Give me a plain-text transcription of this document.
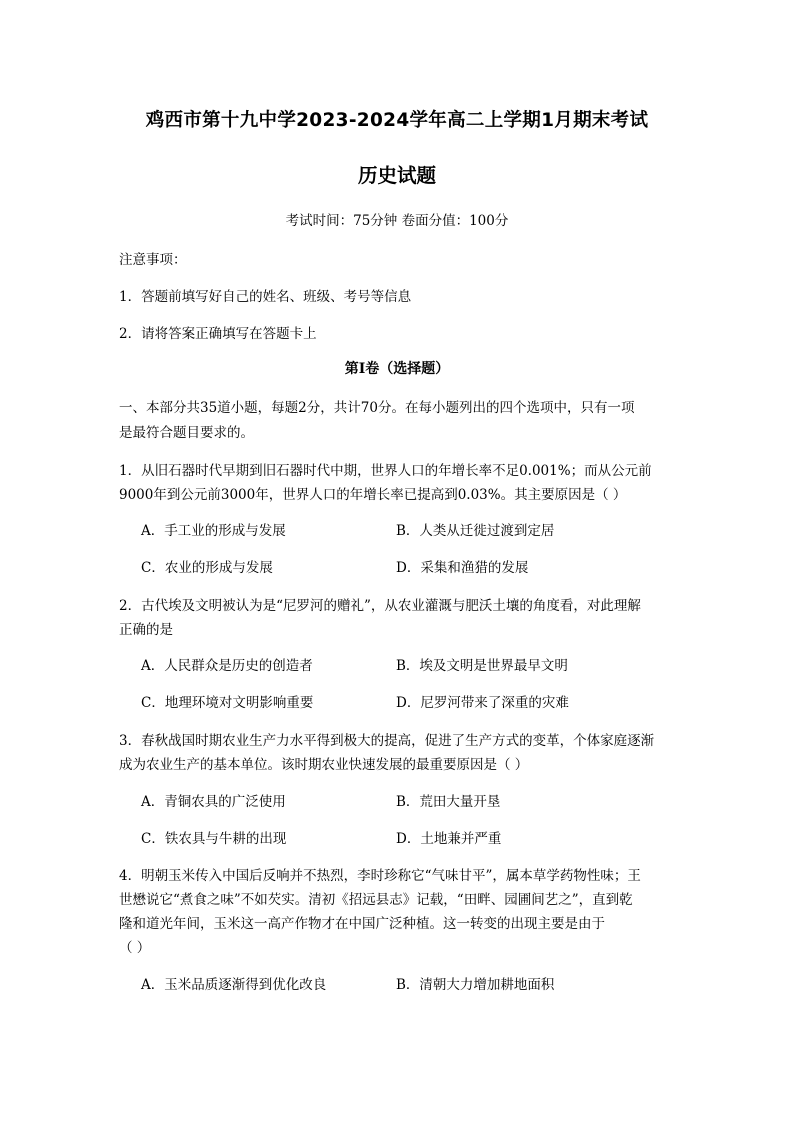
鸡西市第十九中学2023-2024学年高二上学期1月期末考试
历史试题
考试时间：75分钟 卷面分值：100分
注意事项：
1．答题前填写好自己的姓名、班级、考号等信息
2．请将答案正确填写在答题卡上
第I卷（选择题）
一、本部分共35道小题，每题2分，共计70分。在每小题列出的四个选项中，只有一项
是最符合题目要求的。
1．从旧石器时代早期到旧石器时代中期，世界人口的年增长率不足0.001%；而从公元前
9000年到公元前3000年，世界人口的年增长率已提高到0.03%。其主要原因是（ ）
A．手工业的形成与发展	B．人类从迁徙过渡到定居
C．农业的形成与发展	D．采集和渔猎的发展
2．古代埃及文明被认为是“尼罗河的赠礼”，从农业灌溉与肥沃土壤的角度看，对此理解
正确的是
A．人民群众是历史的创造者	B．埃及文明是世界最早文明
C．地理环境对文明影响重要	D．尼罗河带来了深重的灾难
3．春秋战国时期农业生产力水平得到极大的提高，促进了生产方式的变革，个体家庭逐渐
成为农业生产的基本单位。该时期农业快速发展的最重要原因是（ ）
A．青铜农具的广泛使用	B．荒田大量开垦
C．铁农具与牛耕的出现	D．土地兼并严重
4．明朝玉米传入中国后反响并不热烈，李时珍称它“气味甘平”，属本草学药物性味；王
世懋说它“煮食之味”不如芡实。清初《招远县志》记载，“田畔、园圃间艺之”，直到乾
隆和道光年间，玉米这一高产作物才在中国广泛种植。这一转变的出现主要是由于
（ ）
A．玉米品质逐渐得到优化改良	B．清朝大力增加耕地面积
